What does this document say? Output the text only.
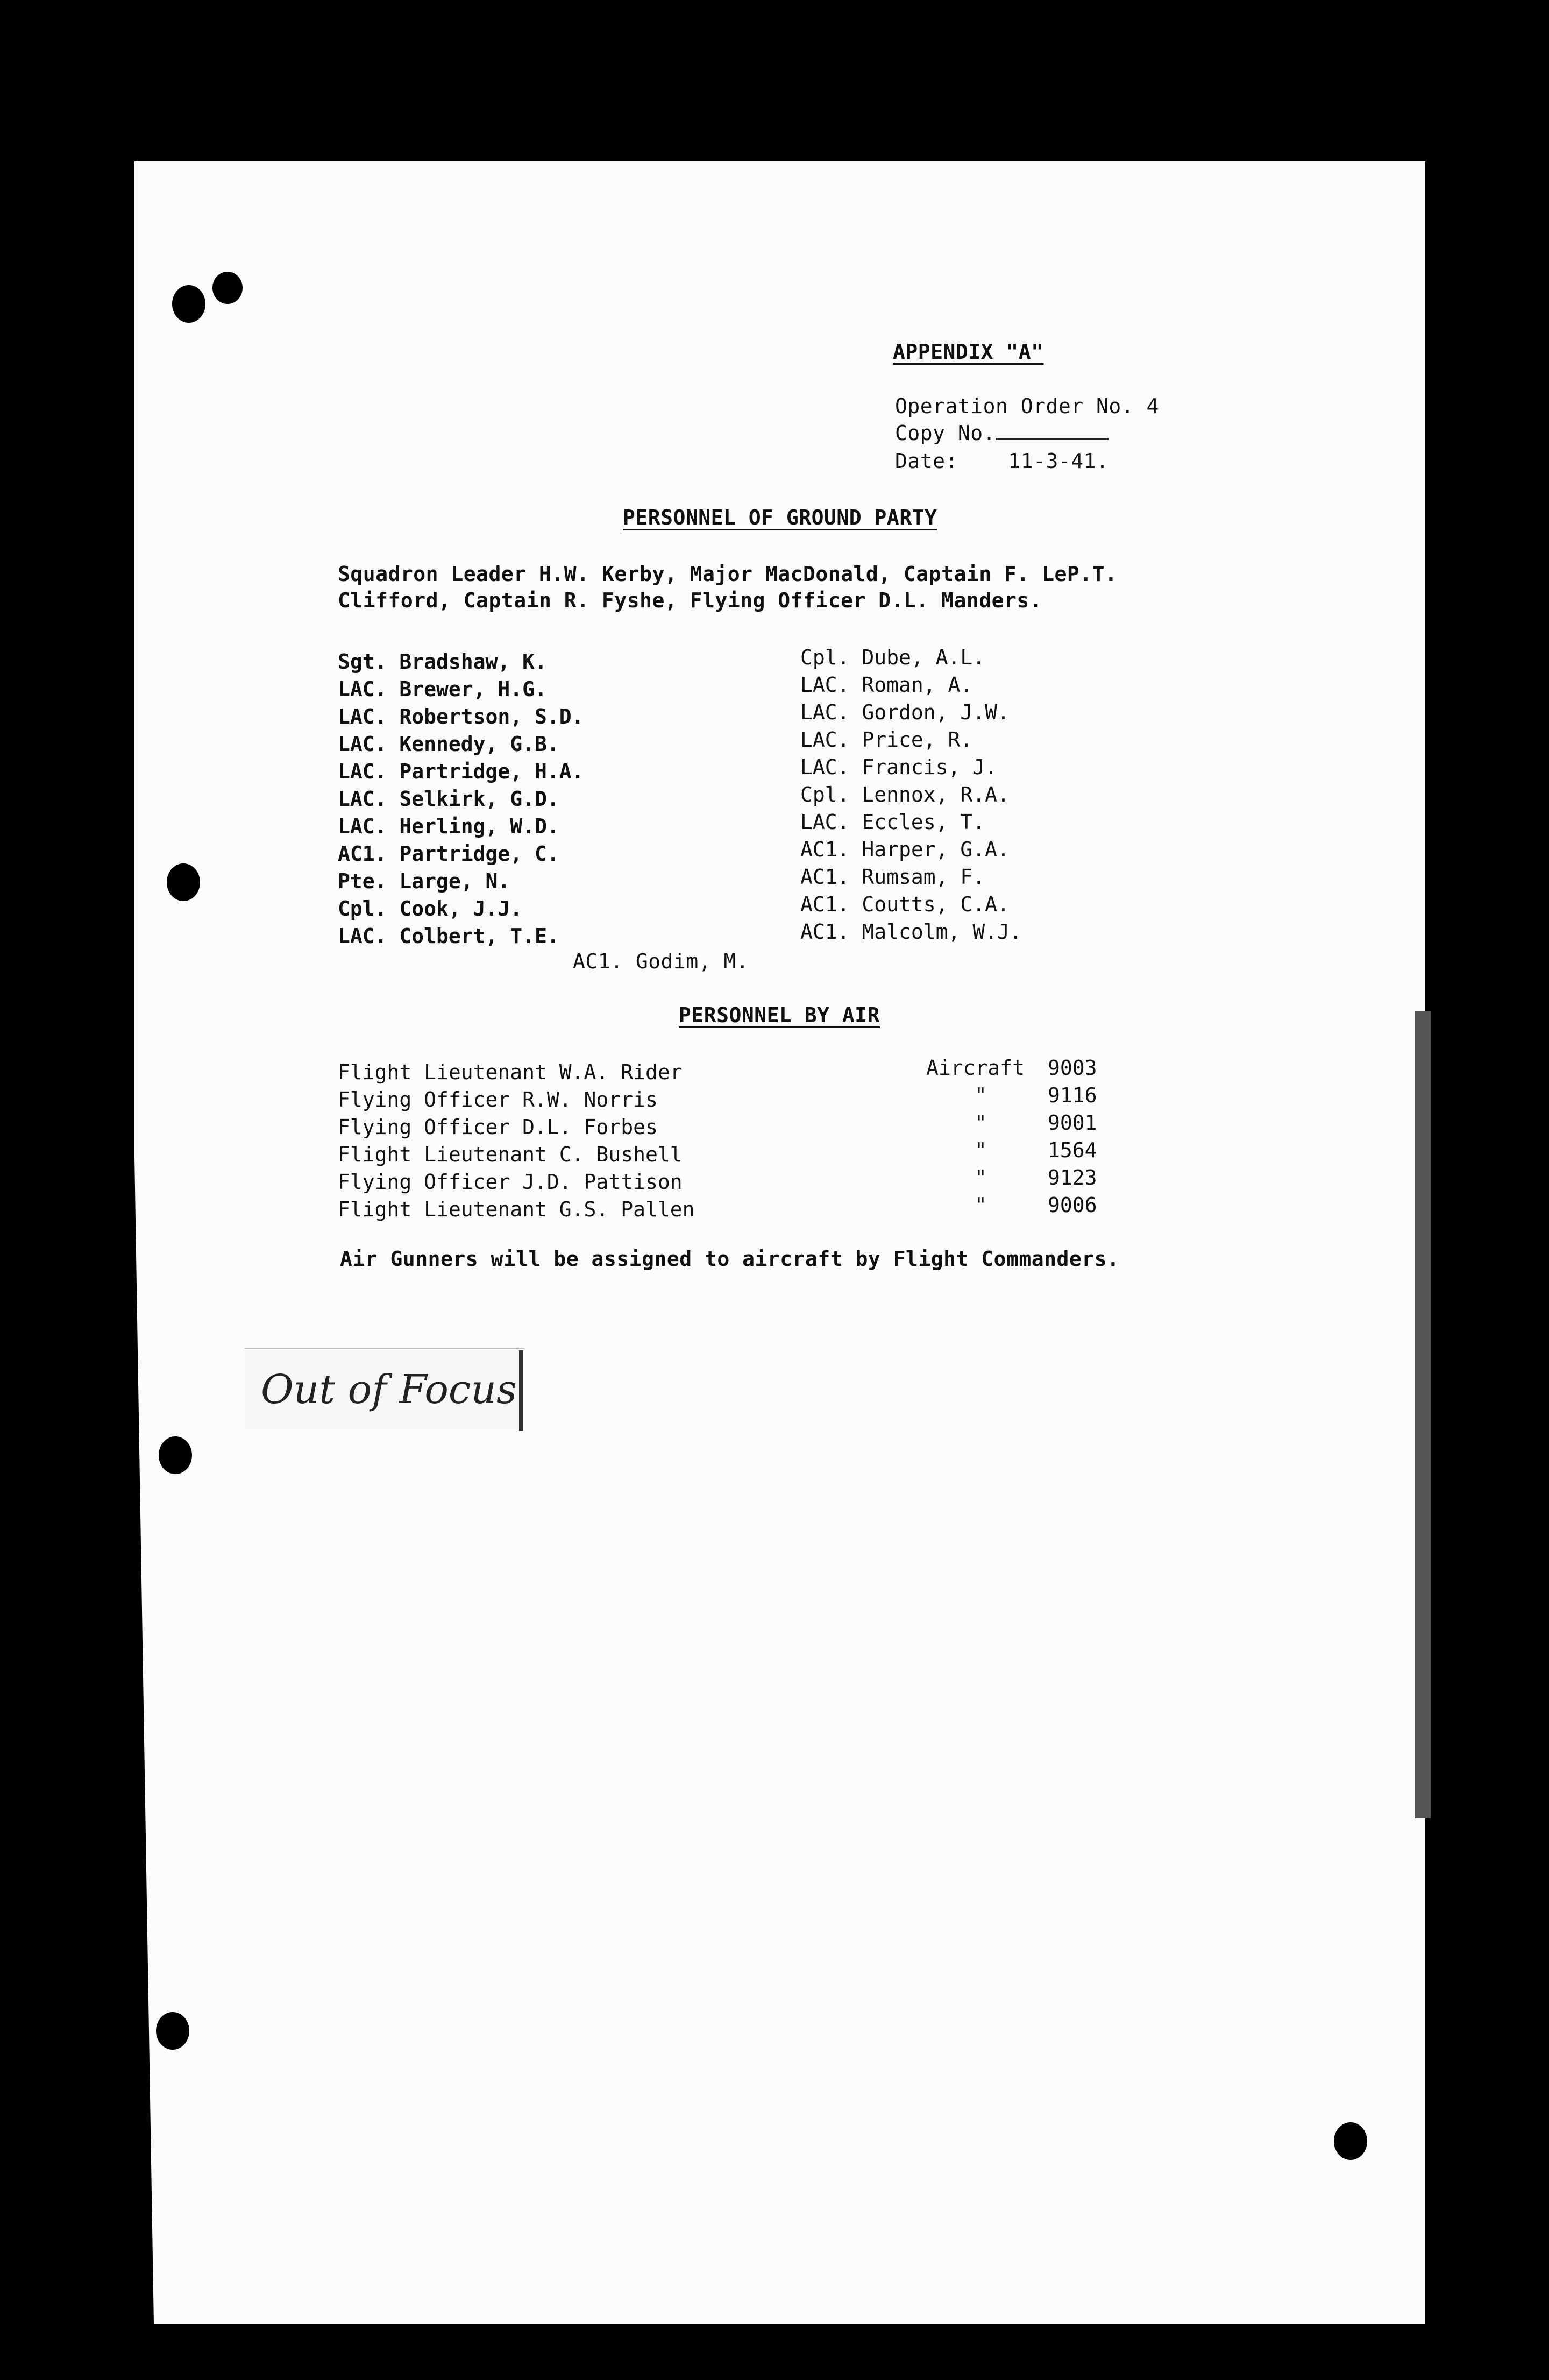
APPENDIX "A"
Operation Order No. 4
Copy No.
Date: 11-3-41.
PERSONNEL OF GROUND PARTY
Squadron Leader H.W. Kerby, Major MacDonald, Captain F. LeP.T.
Clifford, Captain R. Fyshe, Flying Officer D.L. Manders.
Sgt. Bradshaw, K.
LAC. Brewer, H.G.
LAC. Robertson, S.D.
LAC. Kennedy, G.B.
LAC. Partridge, H.A.
LAC. Selkirk, G.D.
LAC. Herling, W.D.
AC1. Partridge, C.
Pte. Large, N.
Cpl. Cook, J.J.
LAC. Colbert, T.E.
Cpl. Dube, A.L.
LAC. Roman, A.
LAC. Gordon, J.W.
LAC. Price, R.
LAC. Francis, J.
Cpl. Lennox, R.A.
LAC. Eccles, T.
AC1. Harper, G.A.
AC1. Rumsam, F.
AC1. Coutts, C.A.
AC1. Malcolm, W.J.
AC1. Godim, M.
PERSONNEL BY AIR
Flight Lieutenant W.A. Rider
Flying Officer R.W. Norris
Flying Officer D.L. Forbes
Flight Lieutenant C. Bushell
Flying Officer J.D. Pattison
Flight Lieutenant G.S. Pallen
Aircraft
"
"
"
"
"
9003
9116
9001
1564
9123
9006
Air Gunners will be assigned to aircraft by Flight Commanders.
Out of Focus
